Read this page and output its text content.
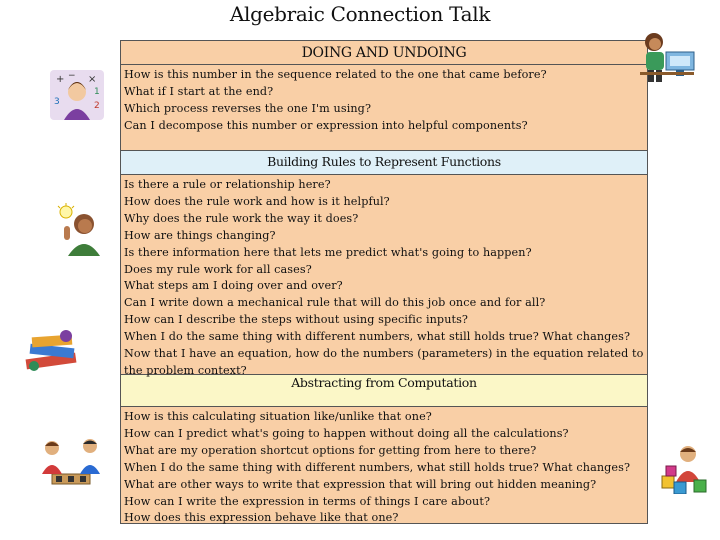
Algebraic Connection Talk
DOING AND UNDOING
How is this number in the sequence related to the one that came before?
What if I start at the end?
Which process reverses the one I'm using?
Can I decompose this number or expression into helpful components?
Building Rules to Represent Functions
Is there a rule or relationship here?
How does the rule work and how is it helpful?
Why does the rule work the way it does?
How are things changing?
Is there information here that lets me predict what's going to happen?
Does my rule work for all cases?
What steps am I doing over and over?
Can I write down a mechanical rule that will do this job once and for all?
How can I describe the steps without using specific inputs?
When I do the same thing with different numbers, what still holds true? What changes?
Now that I have an equation, how do the numbers (parameters) in the equation related to the problem context?
Abstracting from Computation
How is this calculating situation like/unlike that one?
How can I predict what's going to happen without doing all the calculations?
What are my operation shortcut options for getting from here to there?
When I do the same thing with different numbers, what still holds true? What changes?
What are other ways to write that expression that will bring out hidden meaning?
How can I write the expression in terms of things I care about?
How does this expression behave like that one?
+ ×
3	2
1
−
